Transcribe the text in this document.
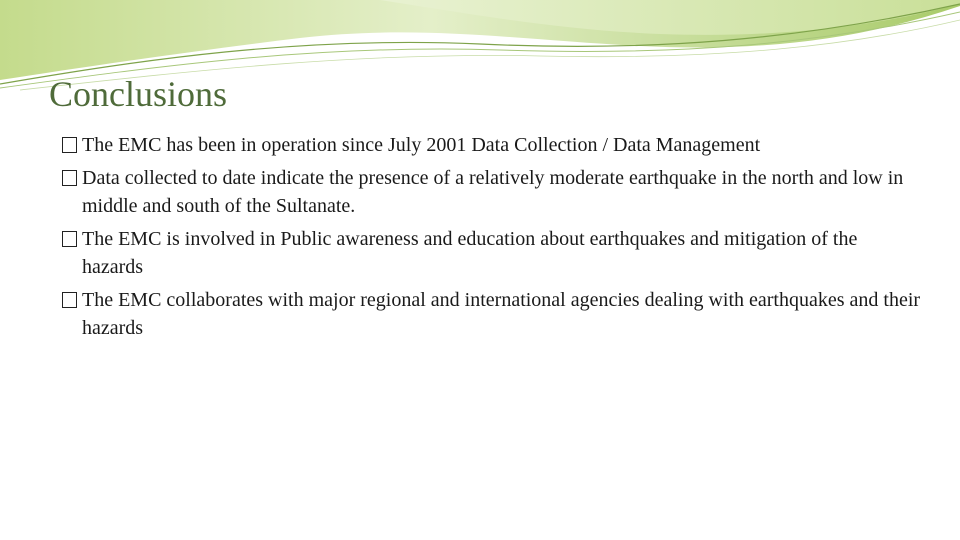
Conclusions
The EMC has been in operation since July 2001 Data Collection / Data Management
Data collected to date indicate the presence of a relatively moderate earthquake in the north and low in middle and south of the Sultanate.
The EMC is involved in Public awareness and education about earthquakes and mitigation of the hazards
The EMC collaborates with major regional and international agencies dealing with earthquakes and their hazards
